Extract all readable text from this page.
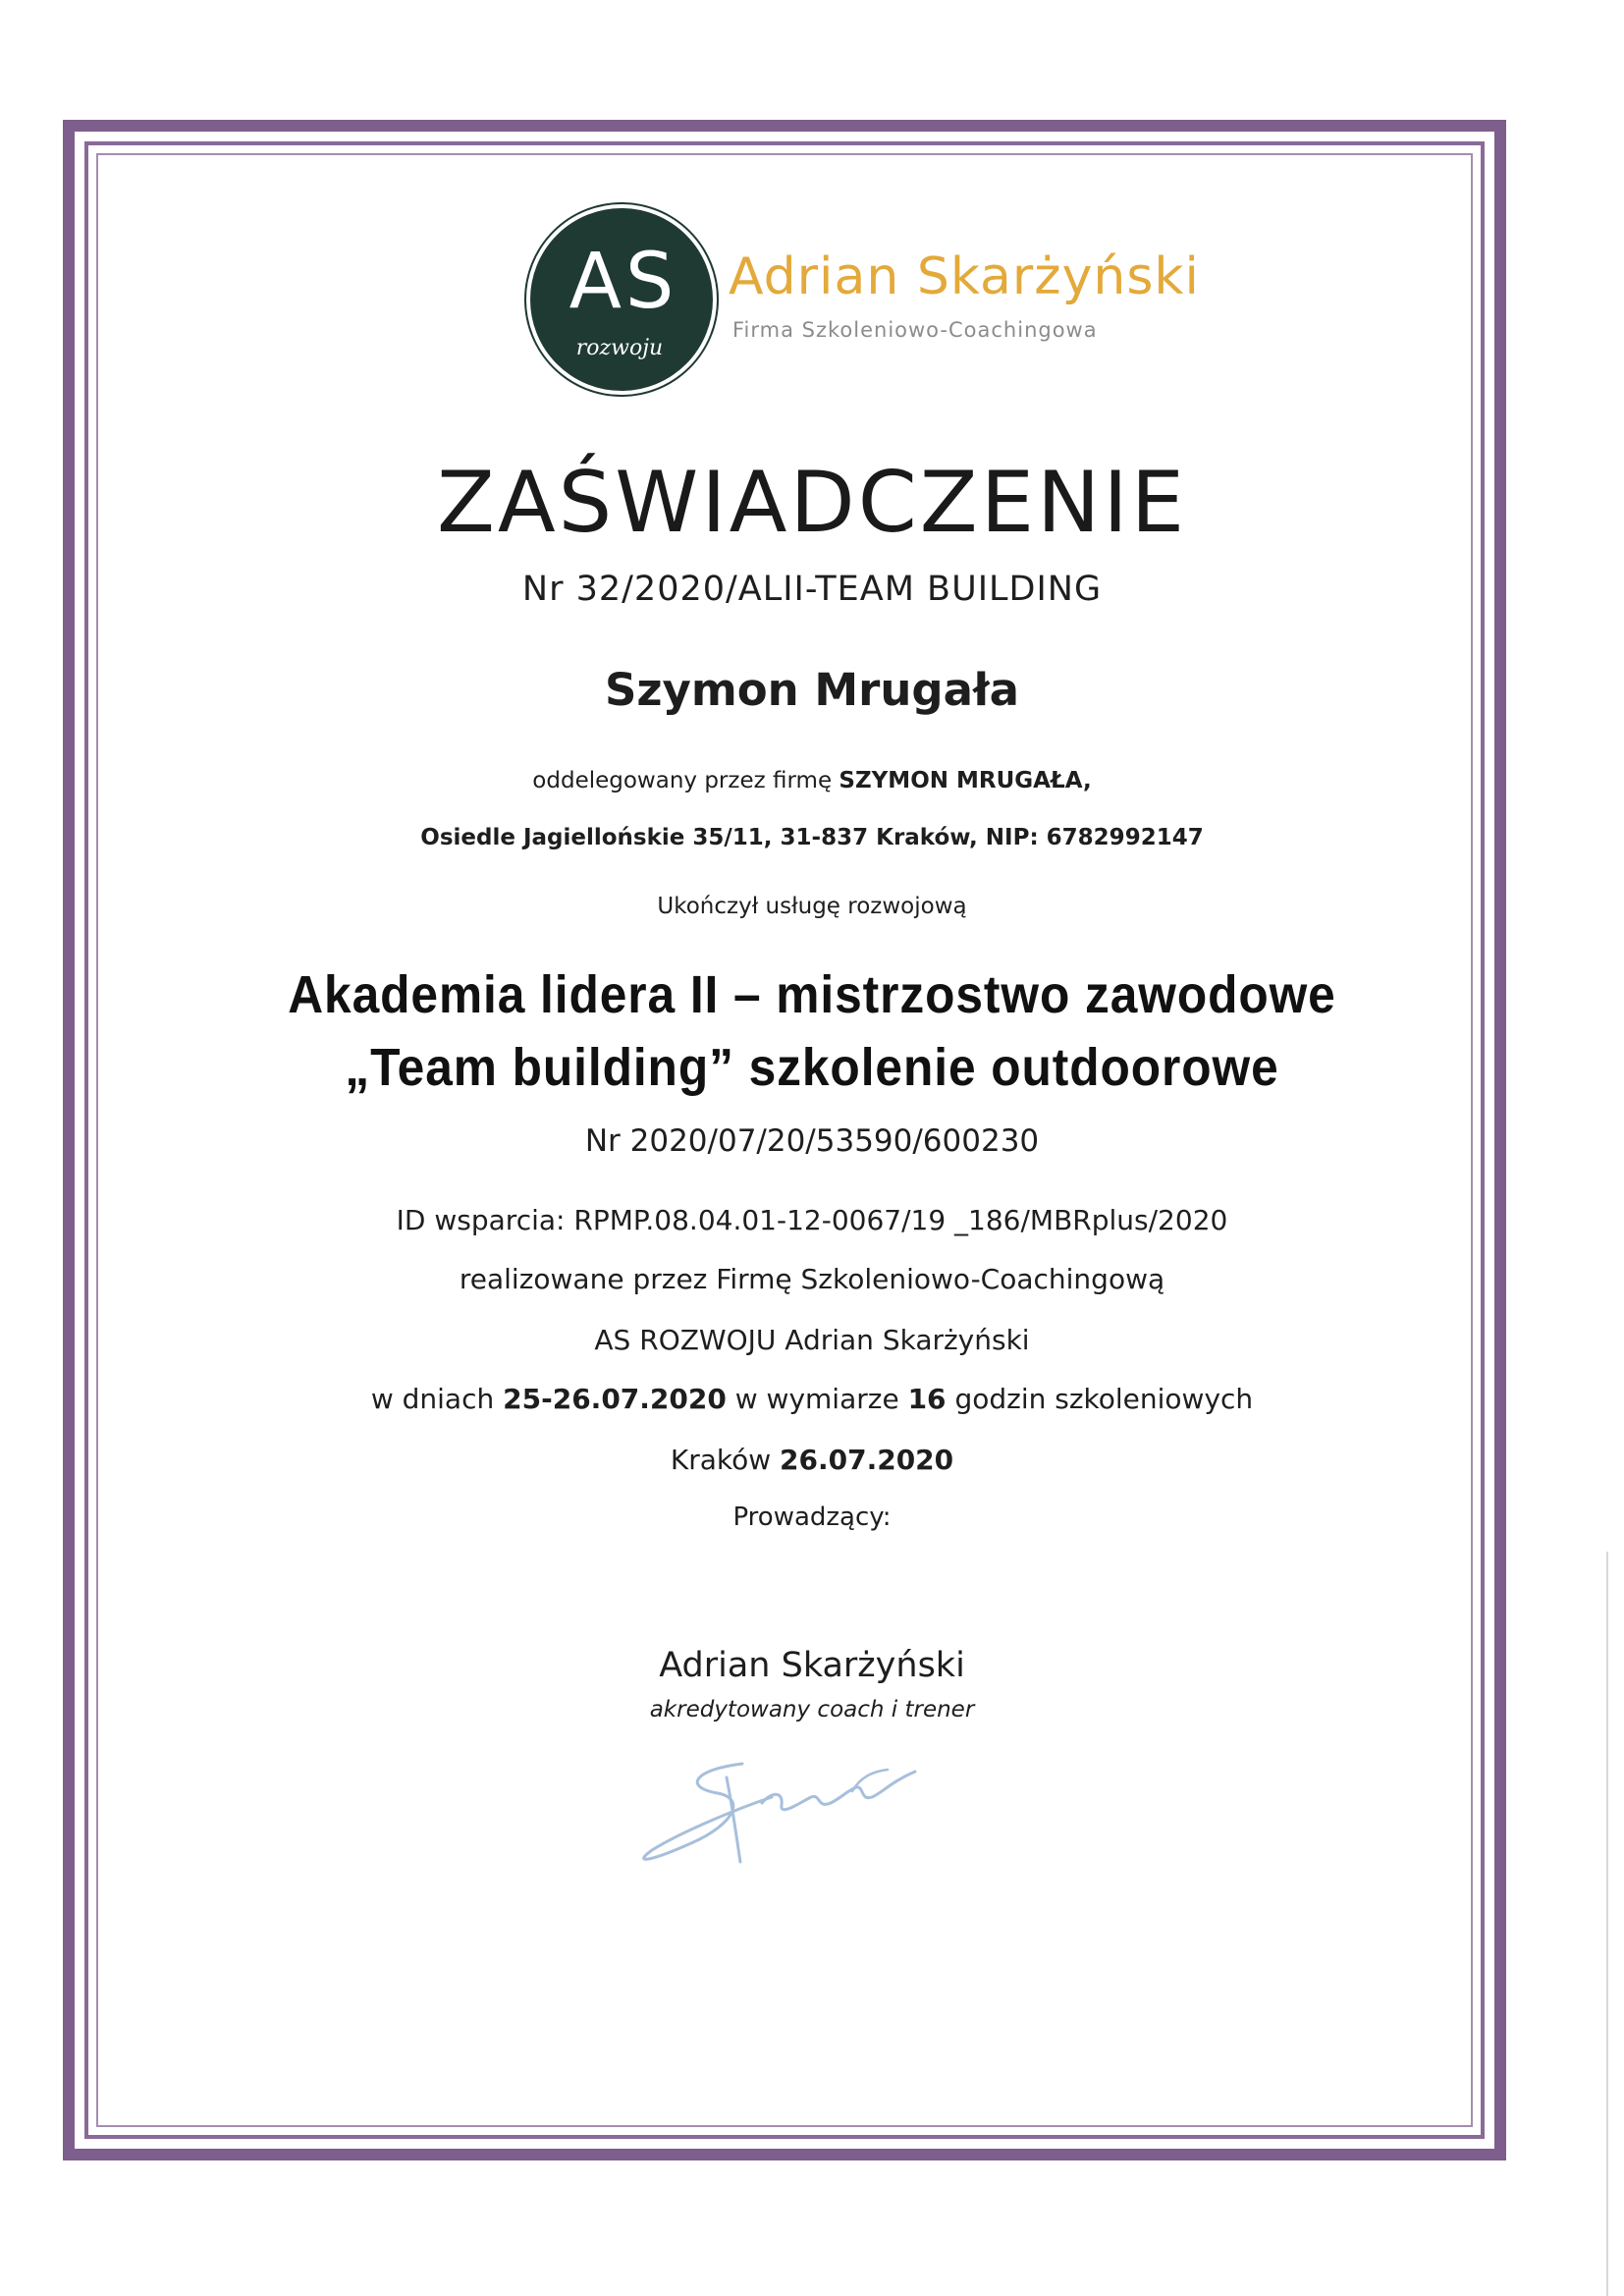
AS
rozwoju
Adrian Skarżyński
Firma Szkoleniowo-Coachingowa
ZAŚWIADCZENIE
Nr 32/2020/ALII-TEAM BUILDING
Szymon Mrugała
oddelegowany przez firmę SZYMON MRUGAŁA,
Osiedle Jagiellońskie 35/11, 31-837 Kraków, NIP: 6782992147
Ukończył usługę rozwojową
Akademia lidera II – mistrzostwo zawodowe
„Team building” szkolenie outdoorowe
Nr 2020/07/20/53590/600230
ID wsparcia: RPMP.08.04.01-12-0067/19 _186/MBRplus/2020
realizowane przez Firmę Szkoleniowo-Coachingową
AS ROZWOJU Adrian Skarżyński
w dniach 25-26.07.2020 w wymiarze 16 godzin szkoleniowych
Kraków 26.07.2020
Prowadzący:
Adrian Skarżyński
akredytowany coach i trener
